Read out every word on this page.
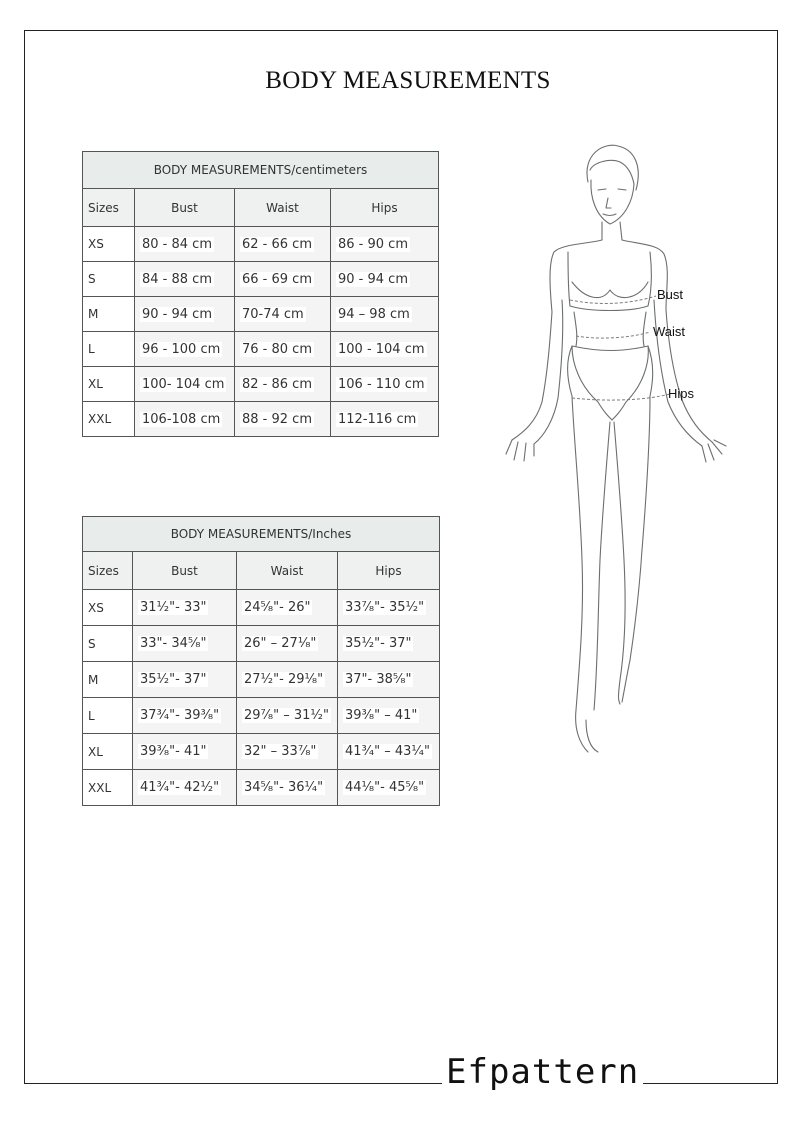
BODY MEASUREMENTS
BODY MEASUREMENTS/centimeters			
Sizes	Bust	Waist	Hips
XS	80 - 84 cm	62 - 66 cm	86 - 90 cm
S	84 - 88 cm	66 - 69 cm	90 - 94 cm
M	90 - 94 cm	70-74 cm	94 – 98 cm
L	96 - 100 cm	76 - 80 cm	100 - 104 cm
XL	100- 104 cm	82 - 86 cm	106 - 110 cm
XXL	106-108 cm	88 - 92 cm	112-116 cm
BODY MEASUREMENTS/Inches			
Sizes	Bust	Waist	Hips
XS	31¹⁄₂"- 33"	24⁵⁄₈"- 26"	33⁷⁄₈"- 35¹⁄₂"
S	33"- 34⁵⁄₈"	26" – 27¹⁄₈"	35¹⁄₂"- 37"
M	35¹⁄₂"- 37"	27¹⁄₂"- 29¹⁄₈"	37"- 38⁵⁄₈"
L	37³⁄₄"- 39³⁄₈"	29⁷⁄₈" – 31¹⁄₂"	39³⁄₈" – 41"
XL	39³⁄₈"- 41"	32" – 33⁷⁄₈"	41³⁄₄" – 43¹⁄₄"
XXL	41³⁄₄"- 42¹⁄₂"	34⁵⁄₈"- 36¹⁄₄"	44¹⁄₈"- 45⁵⁄₈"
Bust
Waist
Hips
Efpattern
